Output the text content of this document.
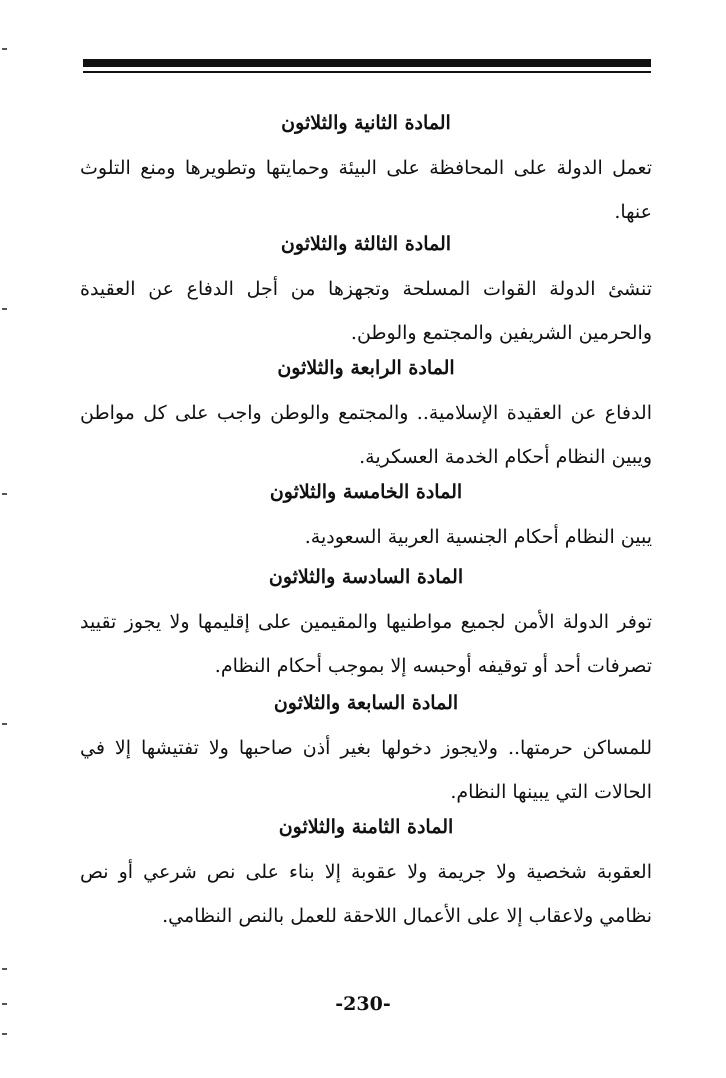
المادة الثانية والثلاثون

تعمل الدولة على المحافظة على البيئة وحمايتها وتطويرها ومنع التلوث عنها.

المادة الثالثة والثلاثون

تنشئ الدولة القوات المسلحة وتجهزها من أجل الدفاع عن العقيدة والحرمين الشريفين والمجتمع والوطن.

المادة الرابعة والثلاثون

الدفاع عن العقيدة الإسلامية.. والمجتمع والوطن واجب على كل مواطن ويبين النظام أحكام الخدمة العسكرية.

المادة الخامسة والثلاثون

يبين النظام أحكام الجنسية العربية السعودية.

المادة السادسة والثلاثون

توفر الدولة الأمن لجميع مواطنيها والمقيمين على إقليمها ولا يجوز تقييد تصرفات أحد أو توقيفه أوحبسه إلا بموجب أحكام النظام.

المادة السابعة والثلاثون

للمساكن حرمتها.. ولايجوز دخولها بغير أذن صاحبها ولا تفتيشها إلا في الحالات التي يبينها النظام.

المادة الثامنة والثلاثون

العقوبة شخصية ولا جريمة ولا عقوبة إلا بناء على نص شرعي أو نص نظامي ولاعقاب إلا على الأعمال اللاحقة للعمل بالنص النظامي.

-230-
